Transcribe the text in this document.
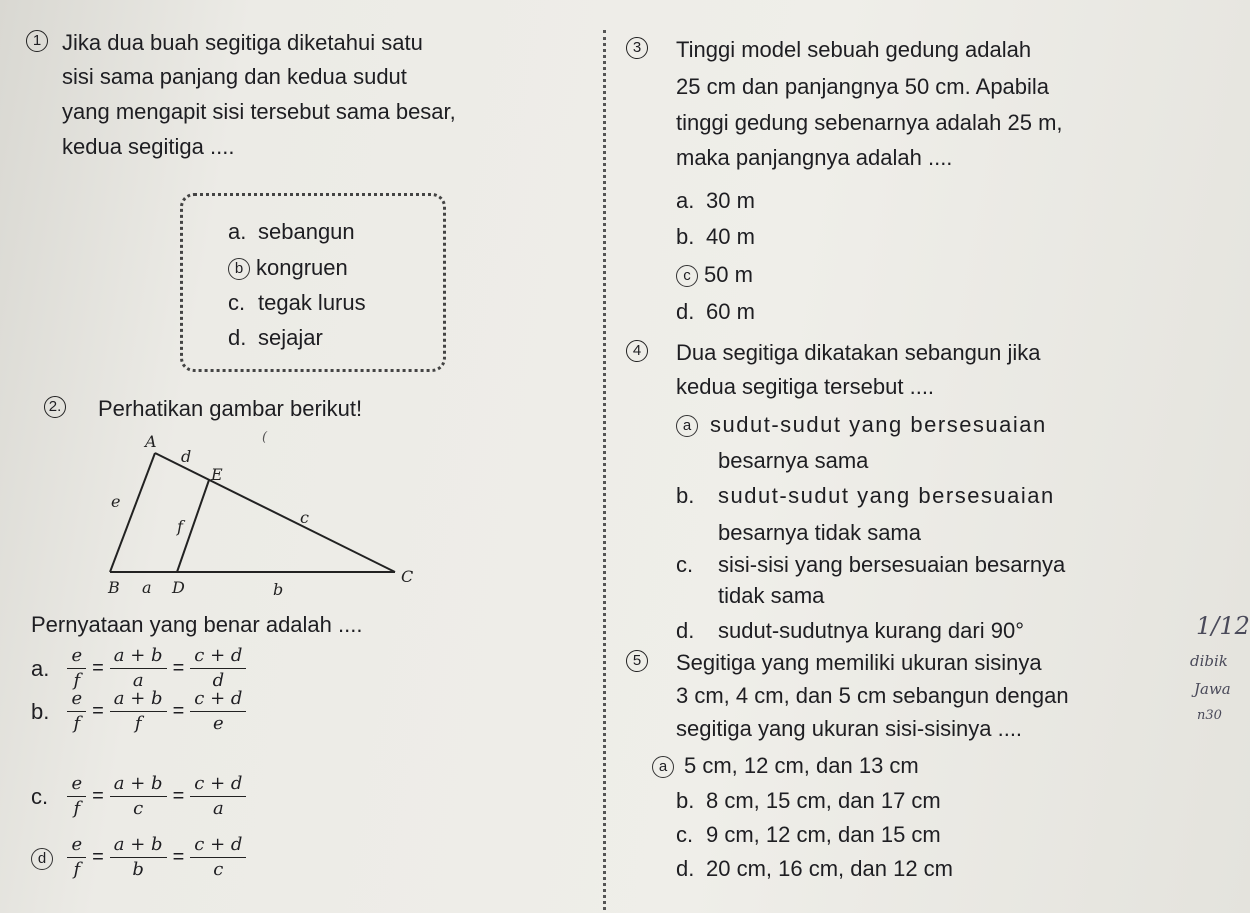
1 Jika dua buah segitiga diketahui satu
sisi sama panjang dan kedua sudut
yang mengapit sisi tersebut sama besar,
kedua segitiga ....
a. sebangun
b kongruen
c. tegak lurus
d. sejajar
2. Perhatikan gambar berikut!
A
d
E
e
f	c
(
B a D	b
C
Pernyataan yang benar adalah ....
a. $\frac{e}{f} = \frac{a + b}{a} = \frac{c + d}{d}$
b. $\frac{e}{f} = \frac{a + b}{f} = \frac{c + d}{e}$
c. $\frac{e}{f} = \frac{a + b}{c} = \frac{c + d}{a}$
d $\frac{e}{f} = \frac{a + b}{b} = \frac{c + d}{c}$
3	Tinggi model sebuah gedung adalah
25 cm dan panjangnya 50 cm. Apabila
tinggi gedung sebenarnya adalah 25 m,
maka panjangnya adalah ....
a. 30 m
b. 40 m
c 50 m
d. 60 m
4	Dua segitiga dikatakan sebangun jika
kedua segitiga tersebut ....
a sudut-sudut yang bersesuaian
besarnya sama
b. sudut-sudut yang bersesuaian
besarnya tidak sama
c. sisi-sisi yang bersesuaian besarnya
tidak sama
d. sudut-sudutnya kurang dari 90°
5	Segitiga yang memiliki ukuran sisinya
3 cm, 4 cm, dan 5 cm sebangun dengan
segitiga yang ukuran sisi-sisinya ....
a 5 cm, 12 cm, dan 13 cm
b. 8 cm, 15 cm, dan 17 cm
c. 9 cm, 12 cm, dan 15 cm
d. 20 cm, 16 cm, dan 12 cm
1/12
dibik
Jawa
n30
